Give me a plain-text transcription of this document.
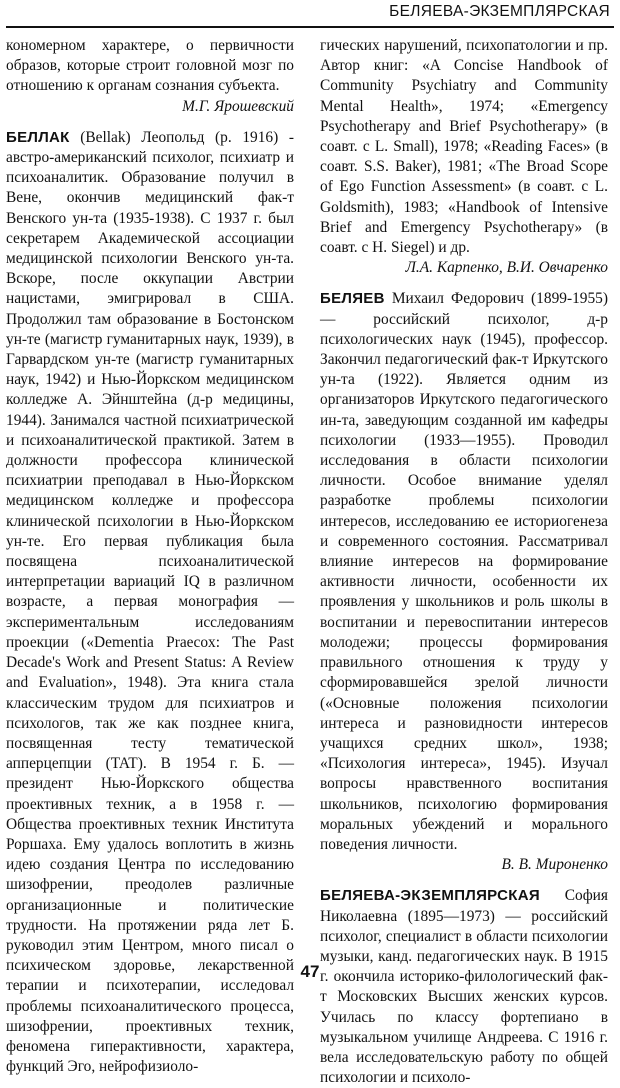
БЕЛЯЕВА-ЭКЗЕМПЛЯРСКАЯ

кономерном характере, о первичности образов, которые строит головной мозг по отношению к органам сознания субъекта.

М.Г. Ярошевский

БЕЛЛАК (Bellak) Леопольд (р. 1916) - австро-американский психолог, психиатр и психоаналитик. Образование получил в Вене, окончив медицинский фак-т Венского ун-та (1935-1938). С 1937 г. был секретарем Академической ассоциации медицинской психологии Венского ун-та. Вскоре, после оккупации Австрии нацистами, эмигрировал в США. Продолжил там образование в Бостонском ун-те (магистр гуманитарных наук, 1939), в Гарвардском ун-те (магистр гуманитарных наук, 1942) и Нью-Йоркском медицинском колледже А. Эйнштейна (д-р медицины, 1944). Занимался частной психиатрической и психоаналитической практикой. Затем в должности профессора клинической психиатрии преподавал в Нью-Йоркском медицинском колледже и профессора клинической психологии в Нью-Йоркском ун-те. Его первая публикация была посвящена психоаналитической интерпретации вариаций IQ в различном возрасте, а первая монография — экспериментальным исследованиям проекции («Dementia Praecox: The Past Decade's Work and Present Status: A Review and Evaluation», 1948). Эта книга стала классическим трудом для психиатров и психологов, так же как позднее книга, посвященная тесту тематической апперцепции (TAT). В 1954 г. Б. — президент Нью-Йоркского общества проективных техник, а в 1958 г. — Общества проективных техник Института Роршаха. Ему удалось воплотить в жизнь идею создания Центра по исследованию шизофрении, преодолев различные организационные и политические трудности. На протяжении ряда лет Б. руководил этим Центром, много писал о психическом здоровье, лекарственной терапии и психотерапии, исследовал проблемы психоаналитического процесса, шизофрении, проективных техник, феномена гиперактивности, характера, функций Эго, нейрофизиоло-

гических нарушений, психопатологии и пр. Автор книг: «A Concise Handbook of Community Psychiatry and Community Mental Health», 1974; «Emergency Psychotherapy and Brief Psychotherapy» (в соавт. с L. Small), 1978; «Reading Faces» (в соавт. S.S. Baker), 1981; «The Broad Scope of Ego Function Assessment» (в соавт. с L. Goldsmith), 1983; «Handbook of Intensive Brief and Emergency Psychotherapy» (в соавт. с H. Siegel) и др.

Л.А. Карпенко, В.И. Овчаренко

БЕЛЯЕВ Михаил Федорович (1899-1955) — российский психолог, д-р психологических наук (1945), профессор. Закончил педагогический фак-т Иркутского ун-та (1922). Является одним из организаторов Иркутского педагогического ин-та, заведующим созданной им кафедры психологии (1933—1955). Проводил исследования в области психологии личности. Особое внимание уделял разработке проблемы психологии интересов, исследованию ее историогенеза и современного состояния. Рассматривал влияние интересов на формирование активности личности, особенности их проявления у школьников и роль школы в воспитании и перевоспитании интересов молодежи; процессы формирования правильного отношения к труду у сформировавшейся зрелой личности («Основные положения психологии интереса и разновидности интересов учащихся средних школ», 1938; «Психология интереса», 1945). Изучал вопросы нравственного воспитания школьников, психологию формирования моральных убеждений и морального поведения личности.

В. В. Мироненко

БЕЛЯЕВА-ЭКЗЕМПЛЯРСКАЯ София Николаевна (1895—1973) — российский психолог, специалист в области психологии музыки, канд. педагогических наук. В 1915 г. окончила историко-филологический фак-т Московских Высших женских курсов. Училась по классу фортепиано в музыкальном училище Андреева. С 1916 г. вела исследовательскую работу по общей психологии и психоло-

47
